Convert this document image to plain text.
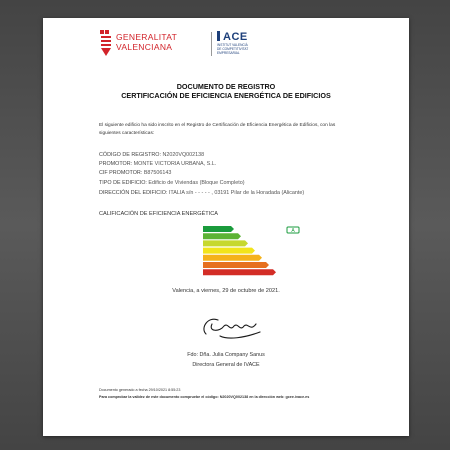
GENERALITAT
VALENCIANA
ACE
INSTITUT VALENCIÀ
DE COMPETITIVITAT
EMPRESARIAL
DOCUMENTO DE REGISTRO
CERTIFICACIÓN DE EFICIENCIA ENERGÉTICA DE EDIFICIOS
El siguiente edificio ha sido inscrito en el Registro de Certificación de Eficiencia Energética de Edificios, con las
siguientes características:
CÓDIGO DE REGISTRO: N2020VQ002138
PROMOTOR: MONTE VICTORIA URBANA, S.L.
CIF PROMOTOR: B87506143
TIPO DE EDIFICIO: Edificio de Viviendas (Bloque Completo)
DIRECCIÓN DEL EDIFICIO: ITALIA s/n - - - - - , 03191 Pilar de la Horadada (Alicante)
CALIFICACIÓN DE EFICIENCIA ENERGÉTICA
A
Valencia, a viernes, 29 de octubre de 2021.
Fdo: Dña. Julia Company Sanus
Directora General de IVACE
Documento generado a fecha 29/10/2021 8:55:23
Para comprobar la validez de este documento compruebe el código: N2020VQ002138 en la dirección web: gcee.ivace.es
